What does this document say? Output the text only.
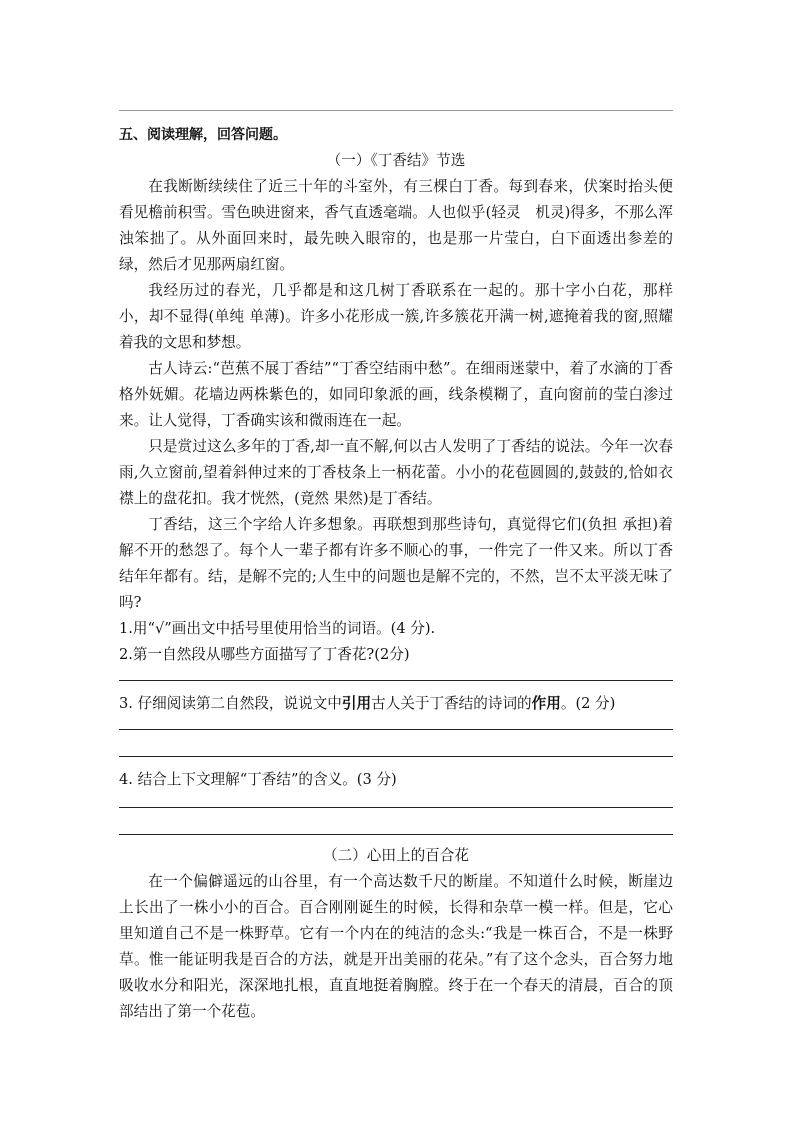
五、阅读理解，回答问题。
（一）《丁香结》节选

在我断断续续住了近三十年的斗室外，有三棵白丁香。每到春来，伏案时抬头便看见檐前积雪。雪色映进窗来，香气直透毫端。人也似乎(轻灵　机灵)得多，不那么浑浊笨拙了。从外面回来时，最先映入眼帘的，也是那一片莹白，白下面透出参差的绿，然后才见那两扇红窗。

我经历过的春光，几乎都是和这几树丁香联系在一起的。那十字小白花，那样小，却不显得(单纯 单薄)。许多小花形成一簇,许多簇花开满一树,遮掩着我的窗,照耀着我的文思和梦想。

古人诗云:“芭蕉不展丁香结”“丁香空结雨中愁”。在细雨迷蒙中，着了水滴的丁香格外妩媚。花墙边两株紫色的，如同印象派的画，线条模糊了，直向窗前的莹白渗过来。让人觉得，丁香确实该和微雨连在一起。

只是赏过这么多年的丁香,却一直不解,何以古人发明了丁香结的说法。今年一次春雨,久立窗前,望着斜伸过来的丁香枝条上一柄花蕾。小小的花苞圆圆的,鼓鼓的,恰如衣襟上的盘花扣。我才恍然，(竟然 果然)是丁香结。

丁香结，这三个字给人许多想象。再联想到那些诗句，真觉得它们(负担 承担)着解不开的愁怨了。每个人一辈子都有许多不顺心的事，一件完了一件又来。所以丁香结年年都有。结，是解不完的;人生中的问题也是解不完的，不然，岂不太平淡无味了吗?

1.用“√”画出文中括号里使用恰当的词语。(4 分).

2.第一自然段从哪些方面描写了丁香花?(2分)

3. 仔细阅读第二自然段，说说文中引用古人关于丁香结的诗词的作用。(2 分)

4. 结合上下文理解“丁香结”的含义。(3 分)

（二）心田上的百合花

在一个偏僻遥远的山谷里，有一个高达数千尺的断崖。不知道什么时候，断崖边上长出了一株小小的百合。百合刚刚诞生的时候，长得和杂草一模一样。但是，它心里知道自己不是一株野草。它有一个内在的纯洁的念头:“我是一株百合，不是一株野草。惟一能证明我是百合的方法，就是开出美丽的花朵。”有了这个念头，百合努力地吸收水分和阳光，深深地扎根，直直地挺着胸膛。终于在一个春天的清晨，百合的顶部结出了第一个花苞。
